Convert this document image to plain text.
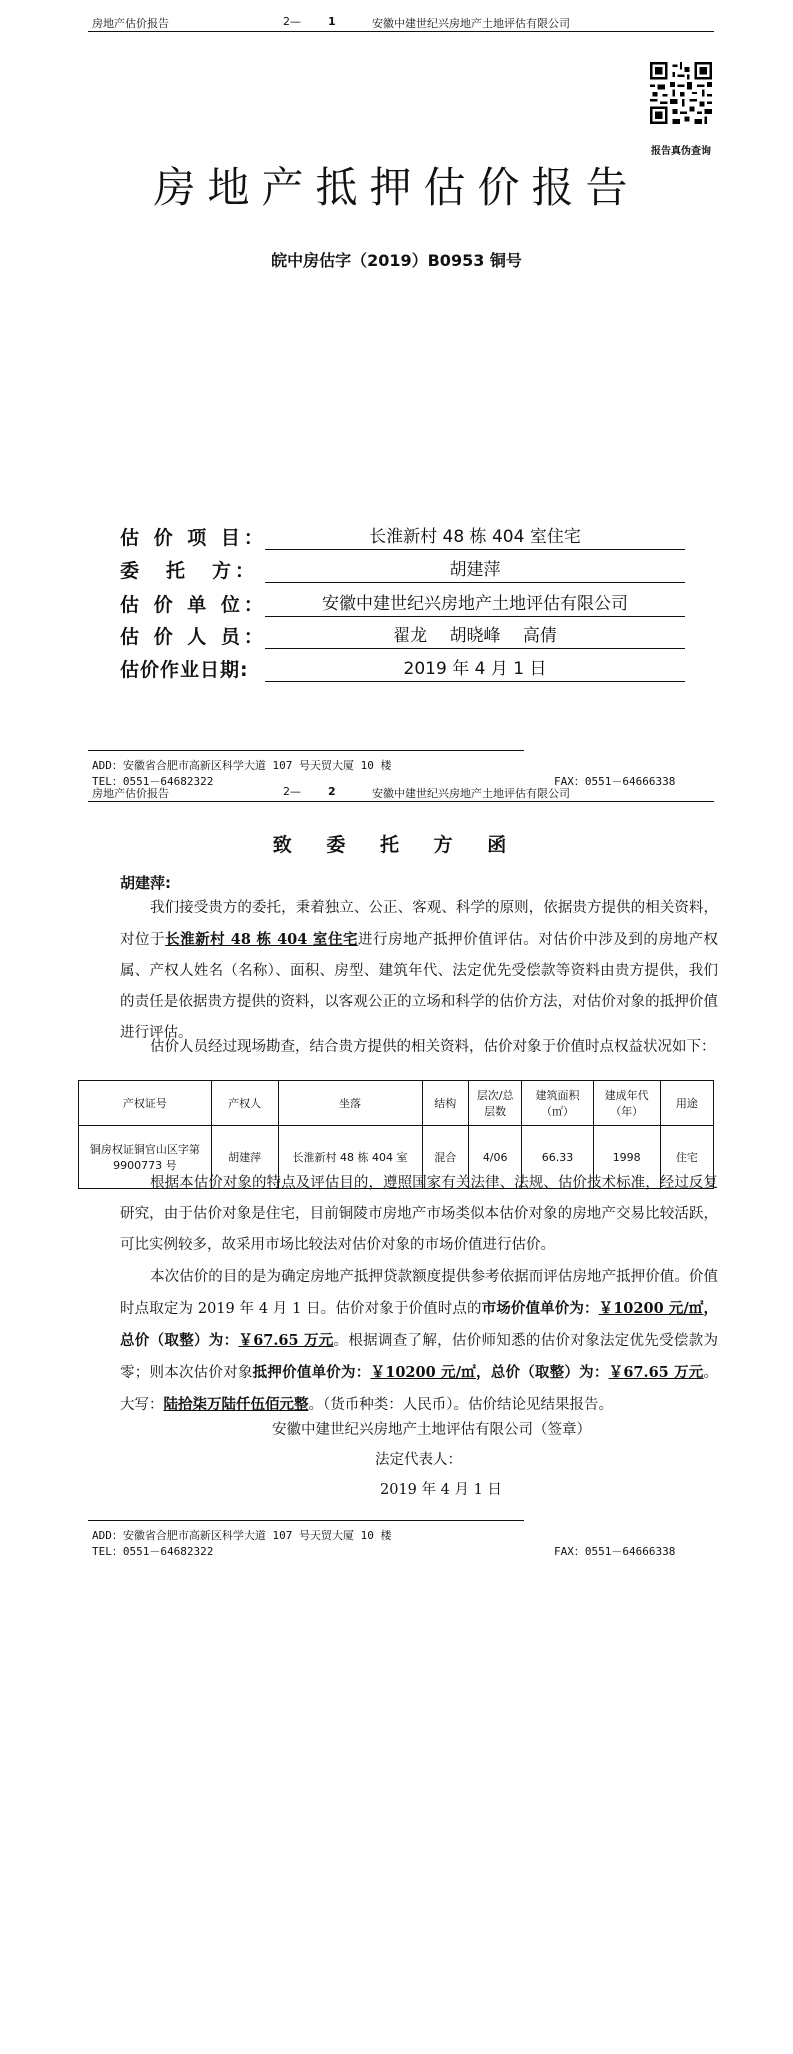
房地产估价报告	2— 1	安徽中建世纪兴房地产土地评估有限公司
报告真伪查询
房地产抵押估价报告
皖中房估字（2019）B0953 铜号
估 价 项 目：	长淮新村 48 栋 404 室住宅
委　托　方：	胡建萍
估 价 单 位：	安徽中建世纪兴房地产土地评估有限公司
估 价 人 员：	翟龙　 胡晓峰　 高倩
估价作业日期:	2019 年 4 月 1 日
ADD：安徽省合肥市高新区科学大道 107 号天贸大厦 10 楼
TEL：0551－64682322	FAX：0551－64666338
房地产估价报告	2— 2	安徽中建世纪兴房地产土地评估有限公司
致 委 托 方 函
胡建萍:
我们接受贵方的委托，秉着独立、公正、客观、科学的原则，依据贵方提供的相关资料，对位于长淮新村 48 栋 404 室住宅进行房地产抵押价值评估。对估价中涉及到的房地产权属、产权人姓名（名称）、面积、房型、建筑年代、法定优先受偿款等资料由贵方提供，我们的责任是依据贵方提供的资料，以客观公正的立场和科学的估价方法，对估价对象的抵押价值进行评估。
估价人员经过现场勘查，结合贵方提供的相关资料，估价对象于价值时点权益状况如下：
产权证号	产权人	坐落	结构	层次/总层数	建筑面积（㎡）	建成年代（年）	用途
铜房权证铜官山区字第 9900773 号	胡建萍	长淮新村 48 栋 404 室	混合	4/06	66.33	1998	住宅
根据本估价对象的特点及评估目的，遵照国家有关法律、法规、估价技术标准，经过反复研究，由于估价对象是住宅，目前铜陵市房地产市场类似本估价对象的房地产交易比较活跃，可比实例较多，故采用市场比较法对估价对象的市场价值进行估价。
本次估价的目的是为确定房地产抵押贷款额度提供参考依据而评估房地产抵押价值。价值时点取定为 2019 年 4 月 1 日。估价对象于价值时点的市场价值单价为：￥10200 元/㎡，总价（取整）为：￥67.65 万元。根据调查了解，估价师知悉的估价对象法定优先受偿款为零；则本次估价对象抵押价值单价为：￥10200 元/㎡，总价（取整）为：￥67.65 万元。大写：陆拾柒万陆仟伍佰元整。（货币种类：人民币）。估价结论见结果报告。
安徽中建世纪兴房地产土地评估有限公司（签章）
法定代表人：
2019 年 4 月 1 日
ADD：安徽省合肥市高新区科学大道 107 号天贸大厦 10 楼
TEL：0551－64682322	FAX：0551－64666338
